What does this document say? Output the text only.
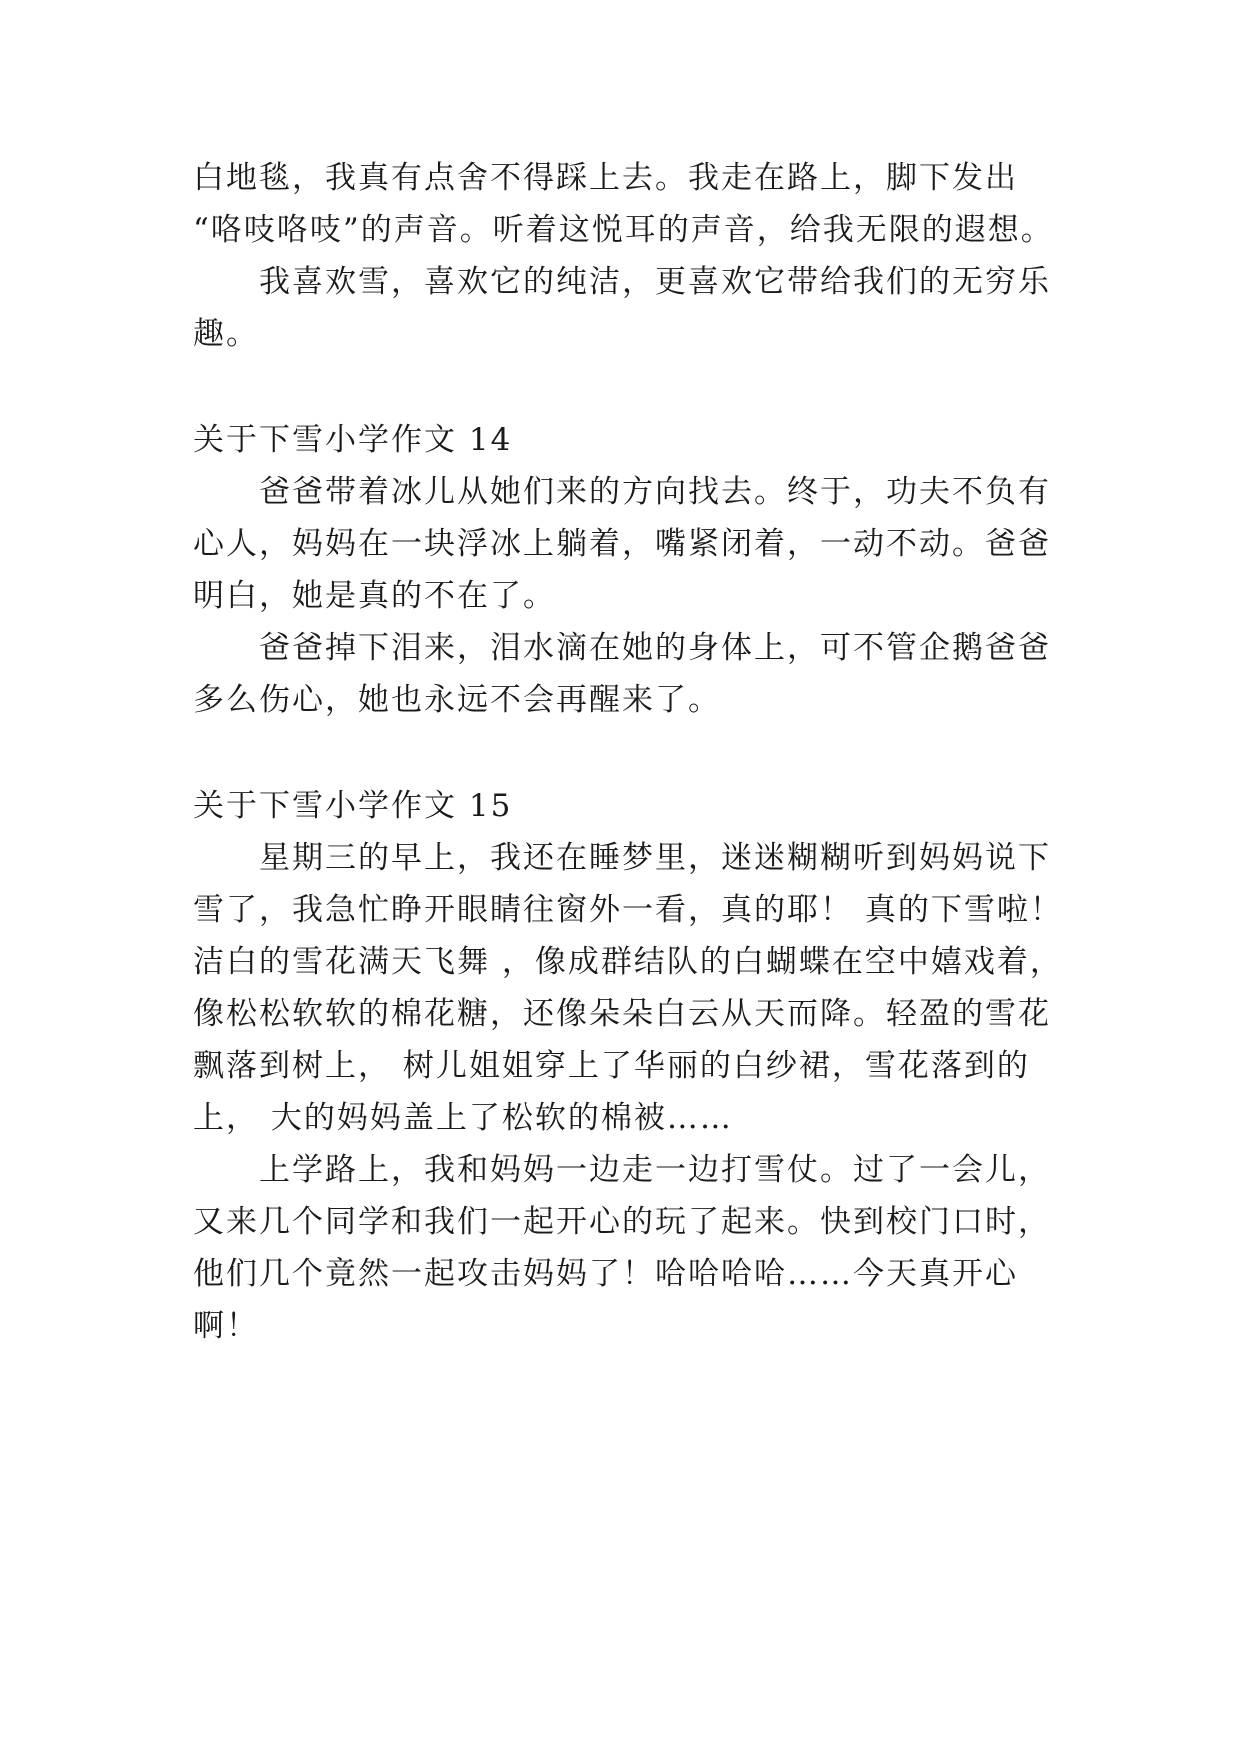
白地毯，我真有点舍不得踩上去。我走在路上，脚下发出
“咯吱咯吱”的声音。听着这悦耳的声音，给我无限的遐想。
我喜欢雪，喜欢它的纯洁，更喜欢它带给我们的无穷乐
趣。
关于下雪小学作文 14
爸爸带着冰儿从她们来的方向找去。终于，功夫不负有
心人，妈妈在一块浮冰上躺着，嘴紧闭着，一动不动。爸爸
明白，她是真的不在了。
爸爸掉下泪来，泪水滴在她的身体上，可不管企鹅爸爸
多么伤心，她也永远不会再醒来了。
关于下雪小学作文 15
星期三的早上，我还在睡梦里，迷迷糊糊听到妈妈说下
雪了，我急忙睁开眼睛往窗外一看，真的耶！ 真的下雪啦！
洁白的雪花满天飞舞 ，像成群结队的白蝴蝶在空中嬉戏着，
像松松软软的棉花糖，还像朵朵白云从天而降。轻盈的雪花
飘落到树上， 树儿姐姐穿上了华丽的白纱裙，雪花落到的
上， 大的妈妈盖上了松软的棉被……
上学路上，我和妈妈一边走一边打雪仗。过了一会儿，
又来几个同学和我们一起开心的玩了起来。快到校门口时，
他们几个竟然一起攻击妈妈了！哈哈哈哈……今天真开心
啊！
